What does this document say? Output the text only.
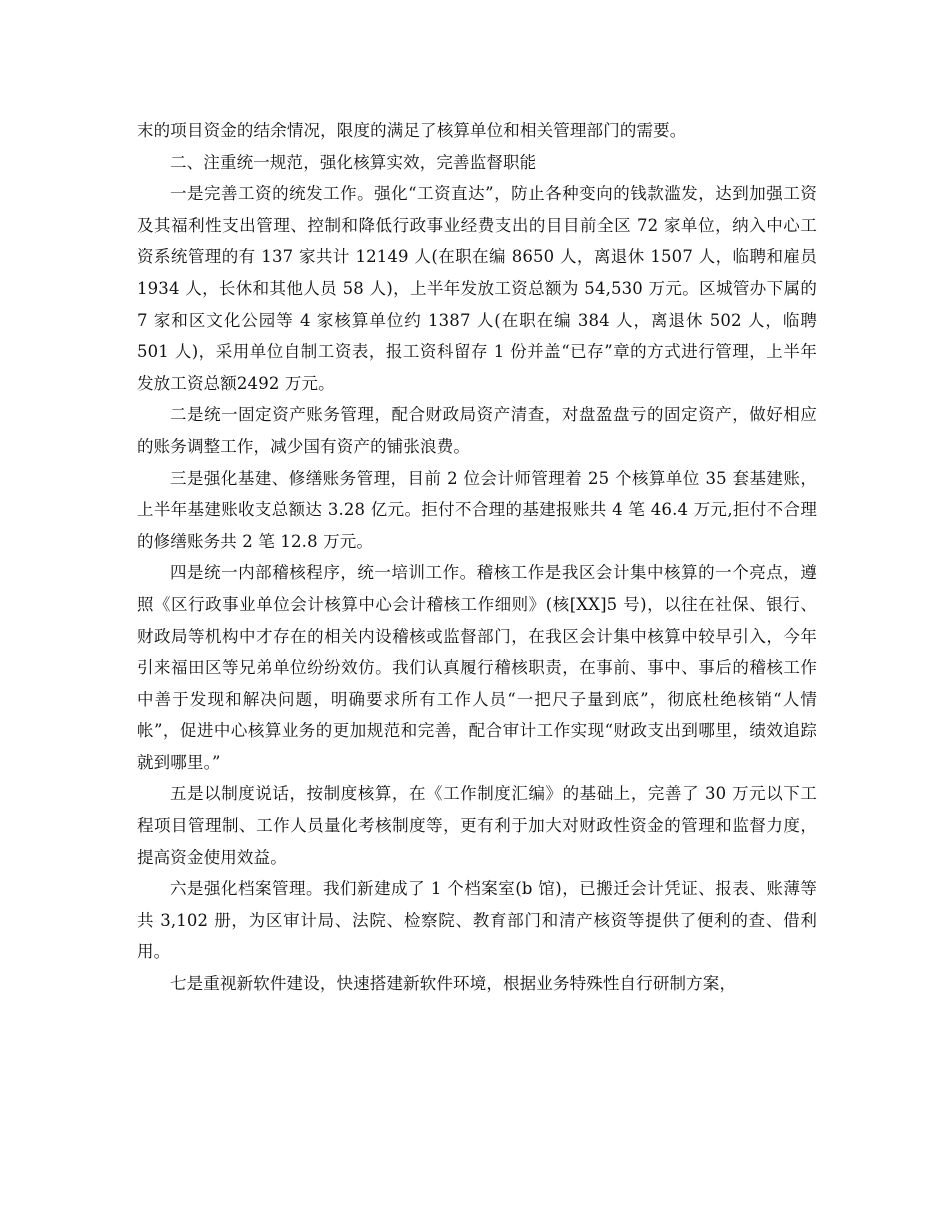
末的项目资金的结余情况，限度的满足了核算单位和相关管理部门的需要。

二、注重统一规范，强化核算实效，完善监督职能

一是完善工资的统发工作。强化“工资直达”，防止各种变向的钱款滥发，达到加强工资及其福利性支出管理、控制和降低行政事业经费支出的目目前全区 72 家单位，纳入中心工资系统管理的有 137 家共计 12149 人(在职在编 8650 人，离退休 1507 人，临聘和雇员 1934 人，长休和其他人员 58 人)，上半年发放工资总额为 54,530 万元。区城管办下属的 7 家和区文化公园等 4 家核算单位约 1387 人(在职在编 384 人，离退休 502 人，临聘 501 人)，采用单位自制工资表，报工资科留存 1 份并盖“已存”章的方式进行管理，上半年发放工资总额2492 万元。

二是统一固定资产账务管理，配合财政局资产清查，对盘盈盘亏的固定资产，做好相应的账务调整工作，减少国有资产的铺张浪费。

三是强化基建、修缮账务管理，目前 2 位会计师管理着 25 个核算单位 35 套基建账，上半年基建账收支总额达 3.28 亿元。拒付不合理的基建报账共 4 笔 46.4 万元,拒付不合理的修缮账务共 2 笔 12.8 万元。

四是统一内部稽核程序，统一培训工作。稽核工作是我区会计集中核算的一个亮点，遵照《区行政事业单位会计核算中心会计稽核工作细则》(核[XX]5 号)，以往在社保、银行、财政局等机构中才存在的相关内设稽核或监督部门，在我区会计集中核算中较早引入，今年引来福田区等兄弟单位纷纷效仿。我们认真履行稽核职责，在事前、事中、事后的稽核工作中善于发现和解决问题，明确要求所有工作人员“一把尺子量到底”，彻底杜绝核销“人情帐”，促进中心核算业务的更加规范和完善，配合审计工作实现“财政支出到哪里，绩效追踪就到哪里。”

五是以制度说话，按制度核算，在《工作制度汇编》的基础上，完善了 30 万元以下工程项目管理制、工作人员量化考核制度等，更有利于加大对财政性资金的管理和监督力度，提高资金使用效益。

六是强化档案管理。我们新建成了 1 个档案室(b 馆)，已搬迁会计凭证、报表、账薄等共 3,102 册，为区审计局、法院、检察院、教育部门和清产核资等提供了便利的查、借利用。

七是重视新软件建设，快速搭建新软件环境，根据业务特殊性自行研制方案，
